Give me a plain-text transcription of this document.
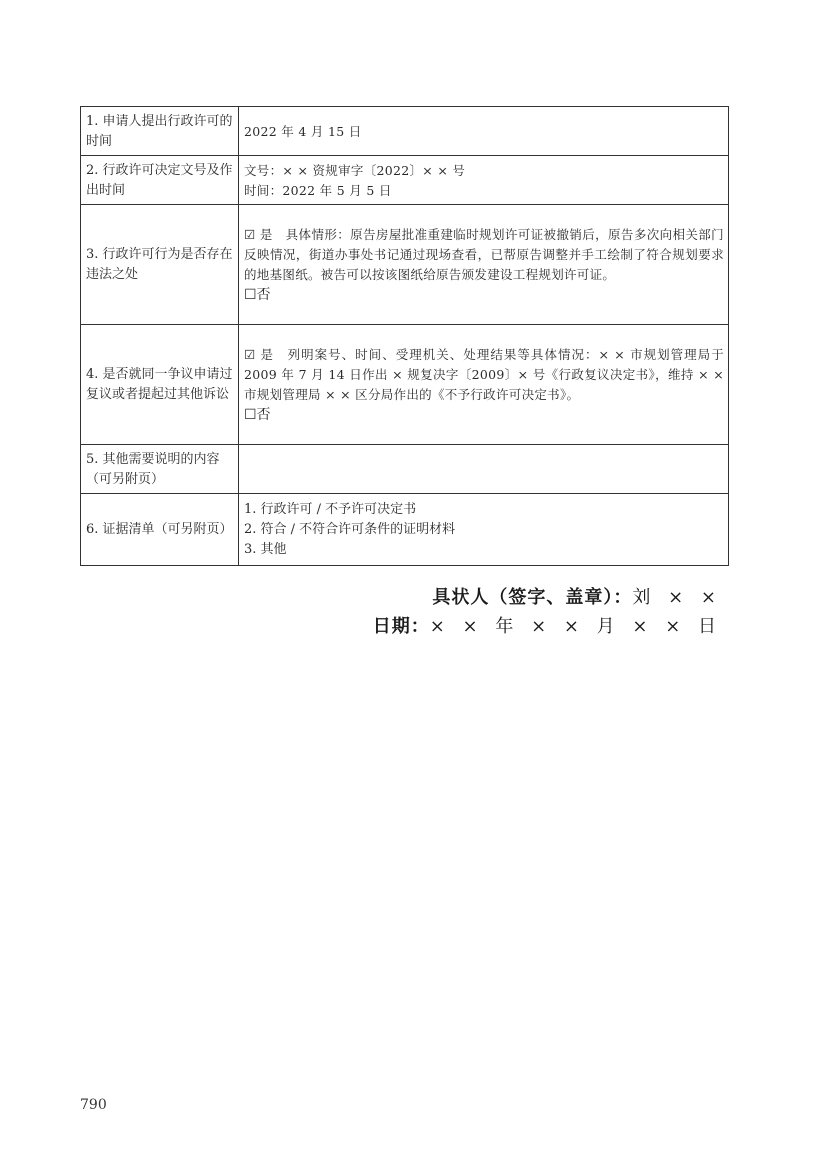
1. 申请人提出行政许可的时间	2022 年 4 月 15 日

2. 行政许可决定文号及作出时间	文号：× × 资规审字〔2022〕× × 号
时间：2022 年 5 月 5 日

3. 行政许可行为是否存在违法之处	☑ 是　具体情形：原告房屋批准重建临时规划许可证被撤销后，原告多次向相关部门反映情况，街道办事处书记通过现场查看，已帮原告调整并手工绘制了符合规划要求的地基图纸。被告可以按该图纸给原告颁发建设工程规划许可证。
☐否

4. 是否就同一争议申请过复议或者提起过其他诉讼	☑ 是　列明案号、时间、受理机关、处理结果等具体情况：× × 市规划管理局于 2009 年 7 月 14 日作出 × 规复决字〔2009〕× 号《行政复议决定书》，维持 × × 市规划管理局 × × 区分局作出的《不予行政许可决定书》。
☐否

5. 其他需要说明的内容（可另附页）	
6. 证据清单（可另附页）	1. 行政许可 / 不予许可决定书
2. 符合 / 不符合许可条件的证明材料
3. 其他
具状人（签字、盖章）：刘 × ×
日期：× × 年 × × 月 × × 日
790
